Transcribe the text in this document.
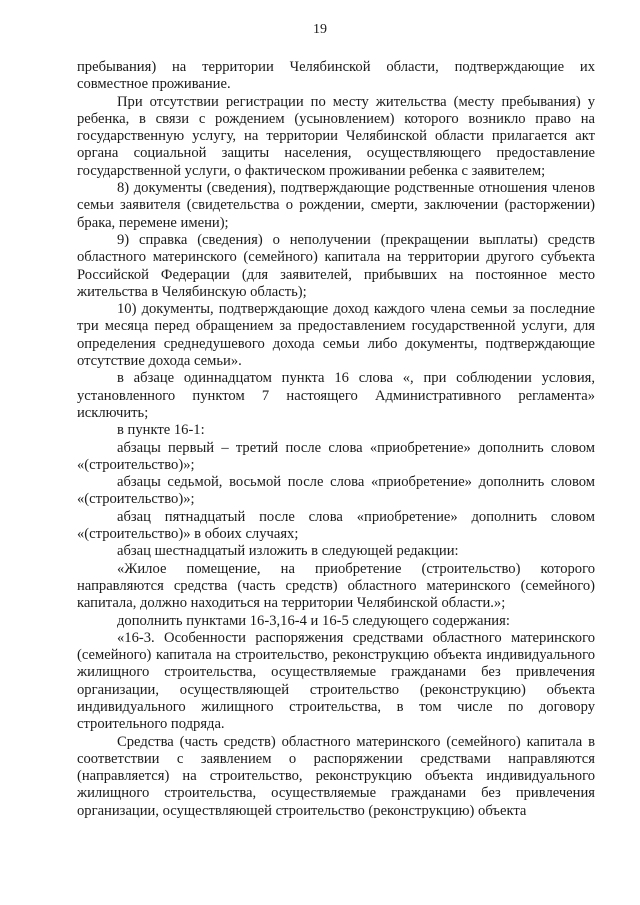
19

пребывания) на территории Челябинской области, подтверждающие их совместное проживание.

При отсутствии регистрации по месту жительства (месту пребывания) у ребенка, в связи с рождением (усыновлением) которого возникло право на государственную услугу, на территории Челябинской области прилагается акт органа социальной защиты населения, осуществляющего предоставление государственной услуги, о фактическом проживании ребенка с заявителем;

8) документы (сведения), подтверждающие родственные отношения членов семьи заявителя (свидетельства о рождении, смерти, заключении (расторжении) брака, перемене имени);

9) справка (сведения) о неполучении (прекращении выплаты) средств областного материнского (семейного) капитала на территории другого субъекта Российской Федерации (для заявителей, прибывших на постоянное место жительства в Челябинскую область);

10) документы, подтверждающие доход каждого члена семьи за последние три месяца перед обращением за предоставлением государственной услуги, для определения среднедушевого дохода семьи либо документы, подтверждающие отсутствие дохода семьи».

в абзаце одиннадцатом пункта 16 слова «, при соблюдении условия, установленного пунктом 7 настоящего Административного регламента» исключить;

в пункте 16-1:

абзацы первый – третий после слова «приобретение» дополнить словом «(строительство)»;

абзацы седьмой, восьмой после слова «приобретение» дополнить словом «(строительство)»;

абзац пятнадцатый после слова «приобретение» дополнить словом «(строительство)» в обоих случаях;

абзац шестнадцатый изложить в следующей редакции:

«Жилое помещение, на приобретение (строительство) которого направляются средства (часть средств) областного материнского (семейного) капитала, должно находиться на территории Челябинской области.»;

дополнить пунктами 16-3,16-4 и 16-5 следующего содержания:

«16-3. Особенности распоряжения средствами областного материнского (семейного) капитала на строительство, реконструкцию объекта индивидуального жилищного строительства, осуществляемые гражданами без привлечения организации, осуществляющей строительство (реконструкцию) объекта индивидуального жилищного строительства, в том числе по договору строительного подряда.

Средства (часть средств) областного материнского (семейного) капитала в соответствии с заявлением о распоряжении средствами направляются (направляется) на строительство, реконструкцию объекта индивидуального жилищного строительства, осуществляемые гражданами без привлечения организации, осуществляющей строительство (реконструкцию) объекта
